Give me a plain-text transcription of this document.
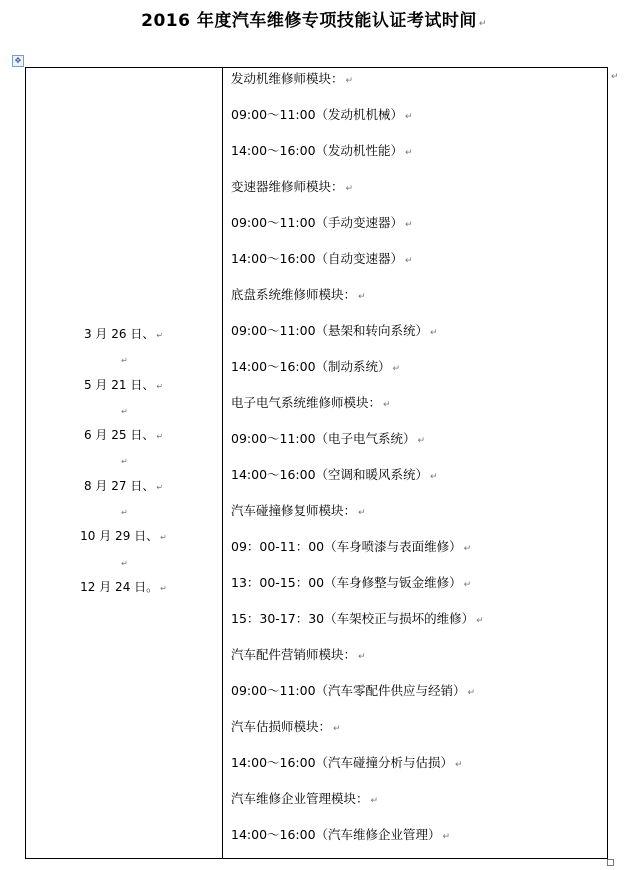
2016 年度汽车维修专项技能认证考试时间 ↵
✥
↵
3 月 26 日、 ↵
↵
5 月 21 日、 ↵
↵
6 月 25 日、 ↵
↵
8 月 27 日、 ↵
↵
10 月 29 日、 ↵
↵
12 月 24 日。 ↵
发动机维修师模块： ↵
09:00～11:00（发动机机械） ↵
14:00～16:00（发动机性能） ↵
变速器维修师模块： ↵
09:00～11:00（手动变速器） ↵
14:00～16:00（自动变速器） ↵
底盘系统维修师模块： ↵
09:00～11:00（悬架和转向系统） ↵
14:00～16:00（制动系统） ↵
电子电气系统维修师模块： ↵
09:00～11:00（电子电气系统） ↵
14:00～16:00（空调和暖风系统） ↵
汽车碰撞修复师模块： ↵
09：00-11：00（车身喷漆与表面维修） ↵
13：00-15：00（车身修整与钣金维修） ↵
15：30-17：30（车架校正与损坏的维修） ↵
汽车配件营销师模块： ↵
09:00～11:00（汽车零配件供应与经销） ↵
汽车估损师模块： ↵
14:00～16:00（汽车碰撞分析与估损） ↵
汽车维修企业管理模块： ↵
14:00～16:00（汽车维修企业管理） ↵
